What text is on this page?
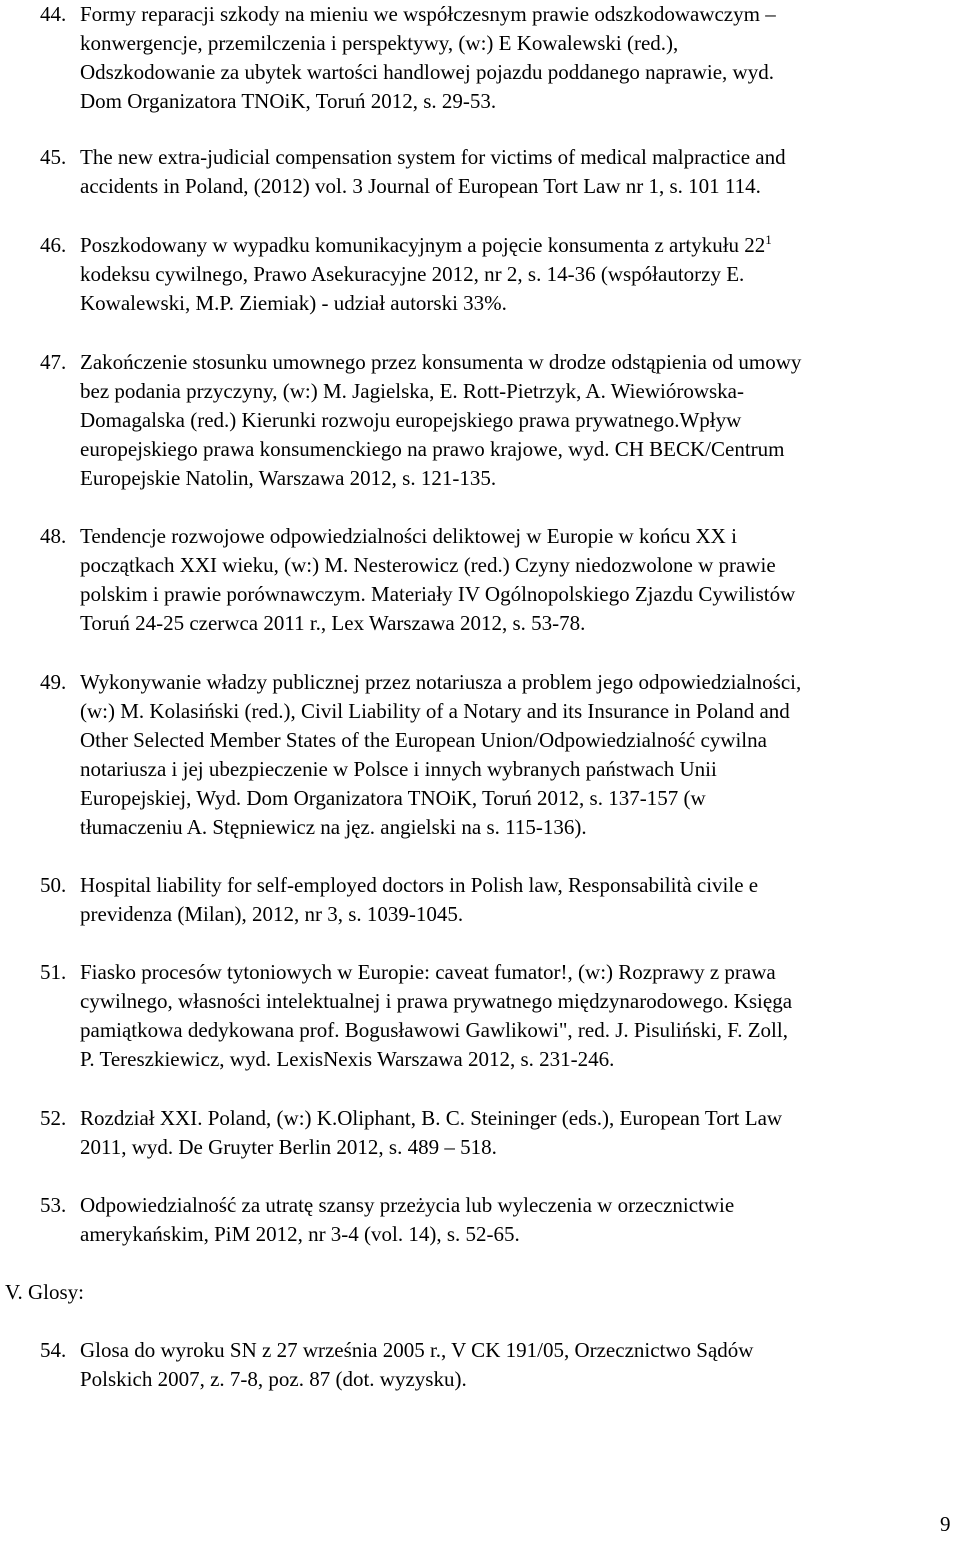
44. Formy reparacji szkody na mieniu we współczesnym prawie odszkodowawczym –
konwergencje, przemilczenia i perspektywy, (w:) E Kowalewski (red.),
Odszkodowanie za ubytek wartości handlowej pojazdu poddanego naprawie, wyd.
Dom Organizatora TNOiK, Toruń 2012, s. 29-53.
45. The new extra-judicial compensation system for victims of medical malpractice and
accidents in Poland, (2012) vol. 3 Journal of European Tort Law nr 1, s. 101 114.
46. Poszkodowany w wypadku komunikacyjnym a pojęcie konsumenta z artykułu $22^1$
kodeksu cywilnego, Prawo Asekuracyjne 2012, nr 2, s. 14-36 (współautorzy E.
Kowalewski, M.P. Ziemiak) - udział autorski 33%.
47. Zakończenie stosunku umownego przez konsumenta w drodze odstąpienia od umowy
bez podania przyczyny, (w:) M. Jagielska, E. Rott-Pietrzyk, A. Wiewiórowska-
Domagalska (red.) Kierunki rozwoju europejskiego prawa prywatnego.Wpływ
europejskiego prawa konsumenckiego na prawo krajowe, wyd. CH BECK/Centrum
Europejskie Natolin, Warszawa 2012, s. 121-135.
48. Tendencje rozwojowe odpowiedzialności deliktowej w Europie w końcu XX i
początkach XXI wieku, (w:) M. Nesterowicz (red.) Czyny niedozwolone w prawie
polskim i prawie porównawczym. Materiały IV Ogólnopolskiego Zjazdu Cywilistów
Toruń 24-25 czerwca 2011 r., Lex Warszawa 2012, s. 53-78.
49. Wykonywanie władzy publicznej przez notariusza a problem jego odpowiedzialności,
(w:) M. Kolasiński (red.), Civil Liability of a Notary and its Insurance in Poland and
Other Selected Member States of the European Union/Odpowiedzialność cywilna
notariusza i jej ubezpieczenie w Polsce i innych wybranych państwach Unii
Europejskiej, Wyd. Dom Organizatora TNOiK, Toruń 2012, s. 137-157 (w
tłumaczeniu A. Stępniewicz na jęz. angielski na s. 115-136).
50. Hospital liability for self-employed doctors in Polish law, Responsabilità civile e
previdenza (Milan), 2012, nr 3, s. 1039-1045.
51. Fiasko procesów tytoniowych w Europie: caveat fumator!, (w:) Rozprawy z prawa
cywilnego, własności intelektualnej i prawa prywatnego międzynarodowego. Księga
pamiątkowa dedykowana prof. Bogusławowi Gawlikowi", red. J. Pisuliński, F. Zoll,
P. Tereszkiewicz, wyd. LexisNexis Warszawa 2012, s. 231-246.
52. Rozdział XXI. Poland, (w:) K.Oliphant, B. C. Steininger (eds.), European Tort Law
2011, wyd. De Gruyter Berlin 2012, s. 489 – 518.
53. Odpowiedzialność za utratę szansy przeżycia lub wyleczenia w orzecznictwie
amerykańskim, PiM 2012, nr 3-4 (vol. 14), s. 52-65.
V. Glosy:
54. Glosa do wyroku SN z 27 września 2005 r., V CK 191/05, Orzecznictwo Sądów
Polskich 2007, z. 7-8, poz. 87 (dot. wyzysku).
9
